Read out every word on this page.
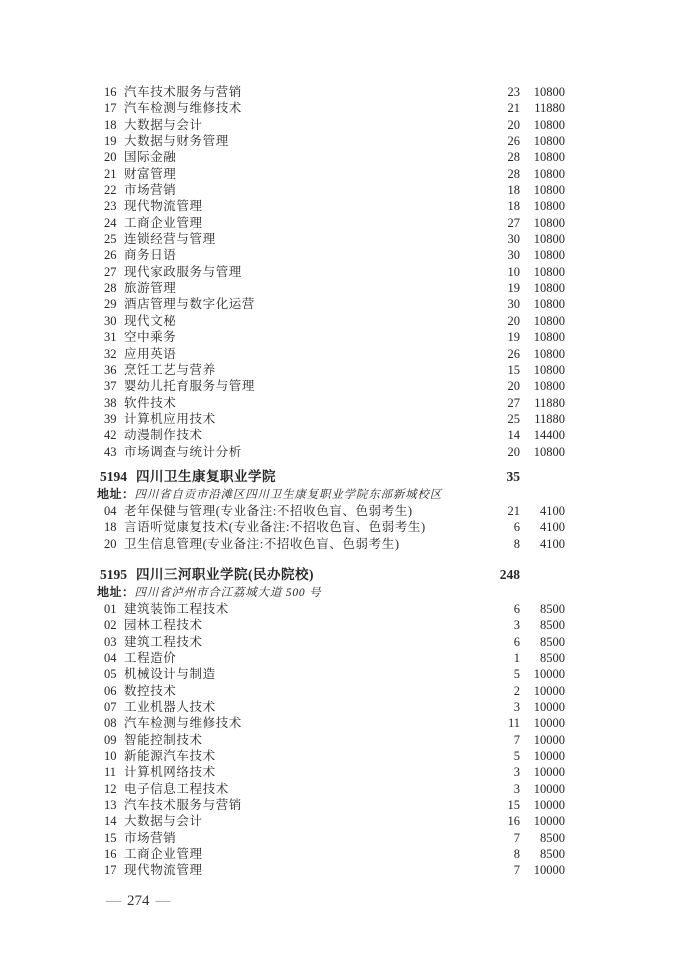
16 汽车技术服务与营销	23	10800
17 汽车检测与维修技术	21	11880
18 大数据与会计	20	10800
19 大数据与财务管理	26	10800
20 国际金融	28	10800
21 财富管理	28	10800
22 市场营销	18	10800
23 现代物流管理	18	10800
24 工商企业管理	27	10800
25 连锁经营与管理	30	10800
26 商务日语	30	10800
27 现代家政服务与管理	10	10800
28 旅游管理	19	10800
29 酒店管理与数字化运营	30	10800
30 现代文秘	20	10800
31 空中乘务	19	10800
32 应用英语	26	10800
36 烹饪工艺与营养	15	10800
37 婴幼儿托育服务与管理	20	10800
38 软件技术	27	11880
39 计算机应用技术	25	11880
42 动漫制作技术	14	14400
43 市场调查与统计分析	20	10800
5194 四川卫生康复职业学院	35
地址：四川省自贡市沿滩区四川卫生康复职业学院东部新城校区
04 老年保健与管理(专业备注:不招收色盲、色弱考生)	21	4100
18 言语听觉康复技术(专业备注:不招收色盲、色弱考生)	6	4100
20 卫生信息管理(专业备注:不招收色盲、色弱考生)	8	4100
5195 四川三河职业学院(民办院校)	248
地址：四川省泸州市合江荔城大道 500 号
01 建筑装饰工程技术	6	8500
02 园林工程技术	3	8500
03 建筑工程技术	6	8500
04 工程造价	1	8500
05 机械设计与制造	5	10000
06 数控技术	2	10000
07 工业机器人技术	3	10000
08 汽车检测与维修技术	11	10000
09 智能控制技术	7	10000
10 新能源汽车技术	5	10000
11 计算机网络技术	3	10000
12 电子信息工程技术	3	10000
13 汽车技术服务与营销	15	10000
14 大数据与会计	16	10000
15 市场营销	7	8500
16 工商企业管理	8	8500
17 现代物流管理	7	10000
— 274 —
